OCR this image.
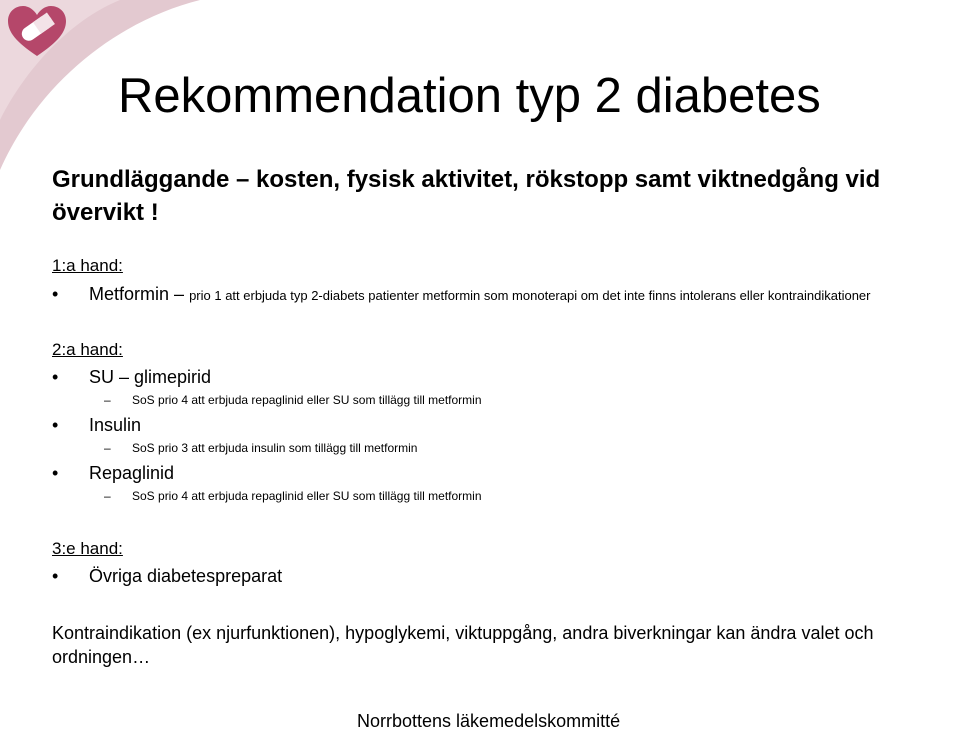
Rekommendation typ 2 diabetes
Grundläggande – kosten, fysisk aktivitet, rökstopp samt viktnedgång vid övervikt !
1:a hand:
• Metformin – prio 1 att erbjuda typ 2-diabets patienter metformin som monoterapi om det inte finns intolerans eller kontraindikationer
2:a hand:
• SU – glimepirid
– SoS prio 4 att erbjuda repaglinid eller SU som tillägg till metformin
• Insulin
– SoS prio 3 att erbjuda insulin som tillägg till metformin
• Repaglinid
– SoS prio 4 att erbjuda repaglinid eller SU som tillägg till metformin
3:e hand:
• Övriga diabetespreparat
Kontraindikation (ex njurfunktionen), hypoglykemi, viktuppgång, andra biverkningar kan ändra valet och ordningen…
Norrbottens läkemedelskommitté
